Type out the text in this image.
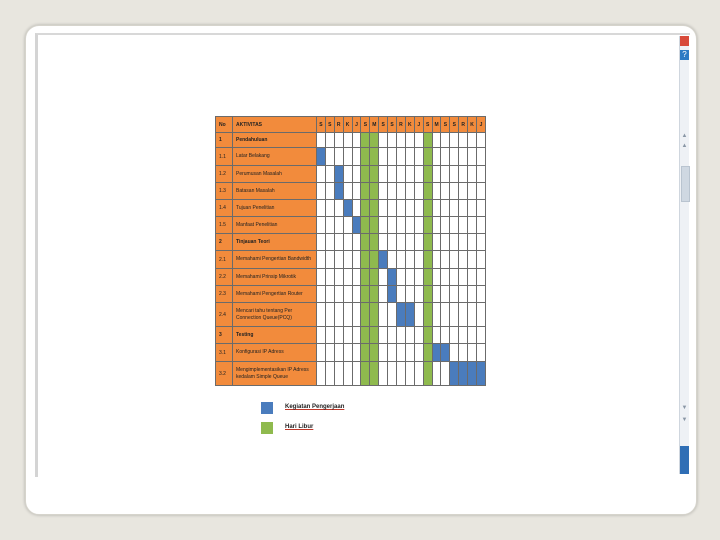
?
▲
▲
▼
▼
No	AKTIVITAS	S	S	R	K	J	S	M	S	S	R	K	J	S	M	S	S	R	K	J
1	Pendahuluan																			
1.1	Latar Belakang																			
1.2	Perumusan Masalah																			
1.3	Batasan Masalah																			
1.4	Tujuan Penelitian																			
1.5	Manfaat Penelitian																			
2	Tinjauan Teori																			
2.1	Memahami Pengertian Bandwidth																			
2.2	Memahami Prinsip Mikrotik																			
2.3	Memahami Pengertian Router																			
2.4	Mencari tahu tentang Per Connection Queue(PCQ)																			
3	Testing																			
3.1	Konfigurasi IP Adress																			
3.2	Mengimplementasikan IP Adress kedalam Simple Queue																			
Kegiatan Pengerjaan
Hari Libur
